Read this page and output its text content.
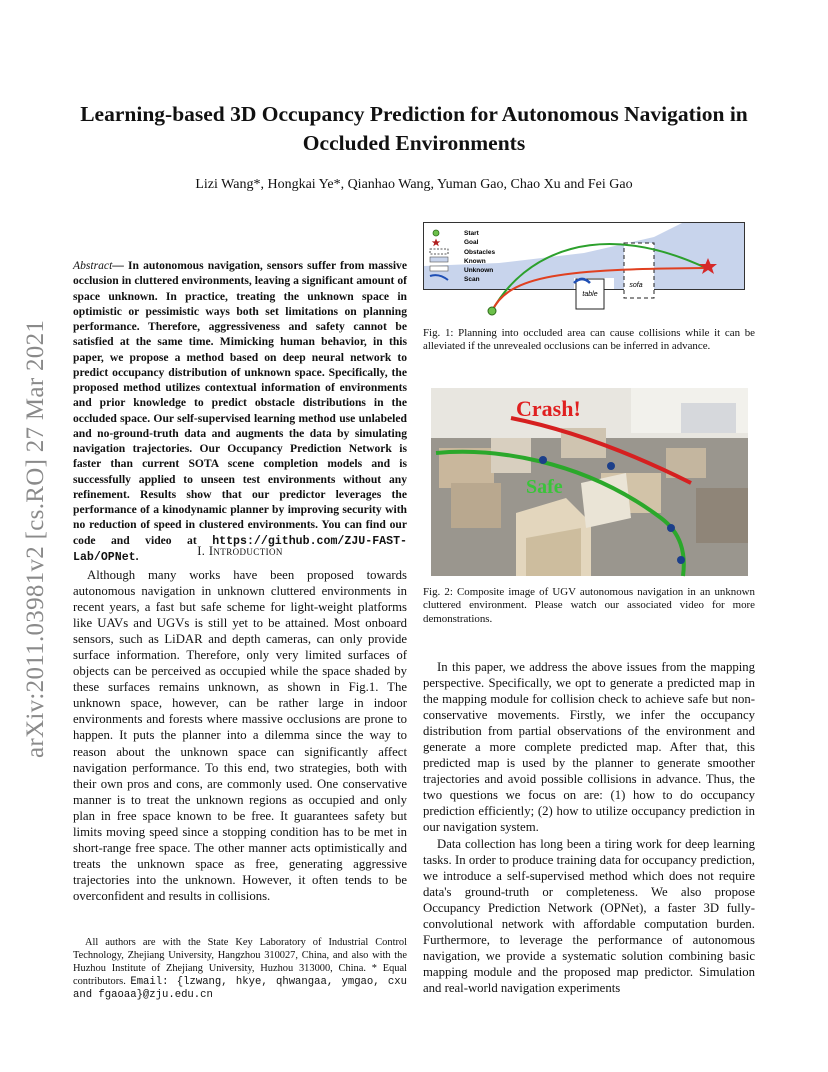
arXiv:2011.03981v2 [cs.RO] 27 Mar 2021
Learning-based 3D Occupancy Prediction for Autonomous Navigation in Occluded Environments
Lizi Wang*, Hongkai Ye*, Qianhao Wang, Yuman Gao, Chao Xu and Fei Gao

Abstract— In autonomous navigation, sensors suffer from massive occlusion in cluttered environments, leaving a significant amount of space unknown. In practice, treating the unknown space in optimistic or pessimistic ways both set limitations on planning performance. Therefore, aggressiveness and safety cannot be satisfied at the same time. Mimicking human behavior, in this paper, we propose a method based on deep neural network to predict occupancy distribution of unknown space. Specifically, the proposed method utilizes contextual information of environments and prior knowledge to predict obstacle distributions in the occluded space. Our self-supervised learning method use unlabeled and no-ground-truth data and augments the data by simulating navigation trajectories. Our Occupancy Prediction Network is faster than current SOTA scene completion models and is successfully applied to unseen test environments without any refinement. Results show that our predictor leverages the performance of a kinodynamic planner by improving security with no reduction of speed in clustered environments. You can find our code and video at https://github.com/ZJU-FAST-Lab/OPNet.	I. Introduction

Although many works have been proposed towards autonomous navigation in unknown cluttered environments in recent years, a fast but safe scheme for light-weight platforms like UAVs and UGVs is still yet to be attained. Most onboard sensors, such as LiDAR and depth cameras, can only provide surface information. Therefore, only very limited surfaces of objects can be perceived as occupied while the space shaded by these surfaces remains unknown, as shown in Fig.1. The unknown space, however, can be rather large in indoor environments and forests where massive occlusions are prone to happen. It puts the planner into a dilemma since the way to reason about the unknown space can significantly affect navigation performance. To this end, two strategies, both with their own pros and cons, are commonly used. One conservative manner is to treat the unknown regions as occupied and only plan in free space known to be free. It guarantees safety but limits moving speed since a stopping condition has to be met in short-range free space. The other manner acts optimistically and treats the unknown space as free, generating aggressive trajectories into the unknown. However, it often tends to be overconfident and results in collisions.

All authors are with the State Key Laboratory of Industrial Control Technology, Zhejiang University, Hangzhou 310027, China, and also with the Huzhou Institute of Zhejiang University, Huzhou 313000, China. * Equal contributors. Email: {lzwang, hkye, qhwangaa, ymgao, cxu and fgaoaa}@zju.edu.cn

table
sofa
Start
Goal
Obstacles
Known
Unknown
Scan

Fig. 1: Planning into occluded area can cause collisions while it can be alleviated if the unrevealed occlusions can be inferred in advance.

Crash!
Safe

Fig. 2: Composite image of UGV autonomous navigation in an unknown cluttered environment. Please watch our associated video for more demonstrations.

In this paper, we address the above issues from the mapping perspective. Specifically, we opt to generate a predicted map in the mapping module for collision check to achieve safe but non-conservative movements. Firstly, we infer the occupancy distribution from partial observations of the environment and generate a more complete predicted map. After that, this predicted map is used by the planner to generate smoother trajectories and avoid possible collisions in advance. Thus, the two questions we focus on are: (1) how to do occupancy prediction efficiently; (2) how to utilize occupancy prediction in our navigation system.

Data collection has long been a tiring work for deep learning tasks. In order to produce training data for occupancy prediction, we introduce a self-supervised method which does not require data's ground-truth or completeness. We also propose Occupancy Prediction Network (OPNet), a faster 3D fully-convolutional network with affordable computation burden. Furthermore, to leverage the performance of autonomous navigation, we provide a systematic solution combining basic mapping module and the proposed map predictor. Simulation and real-world navigation experiments
